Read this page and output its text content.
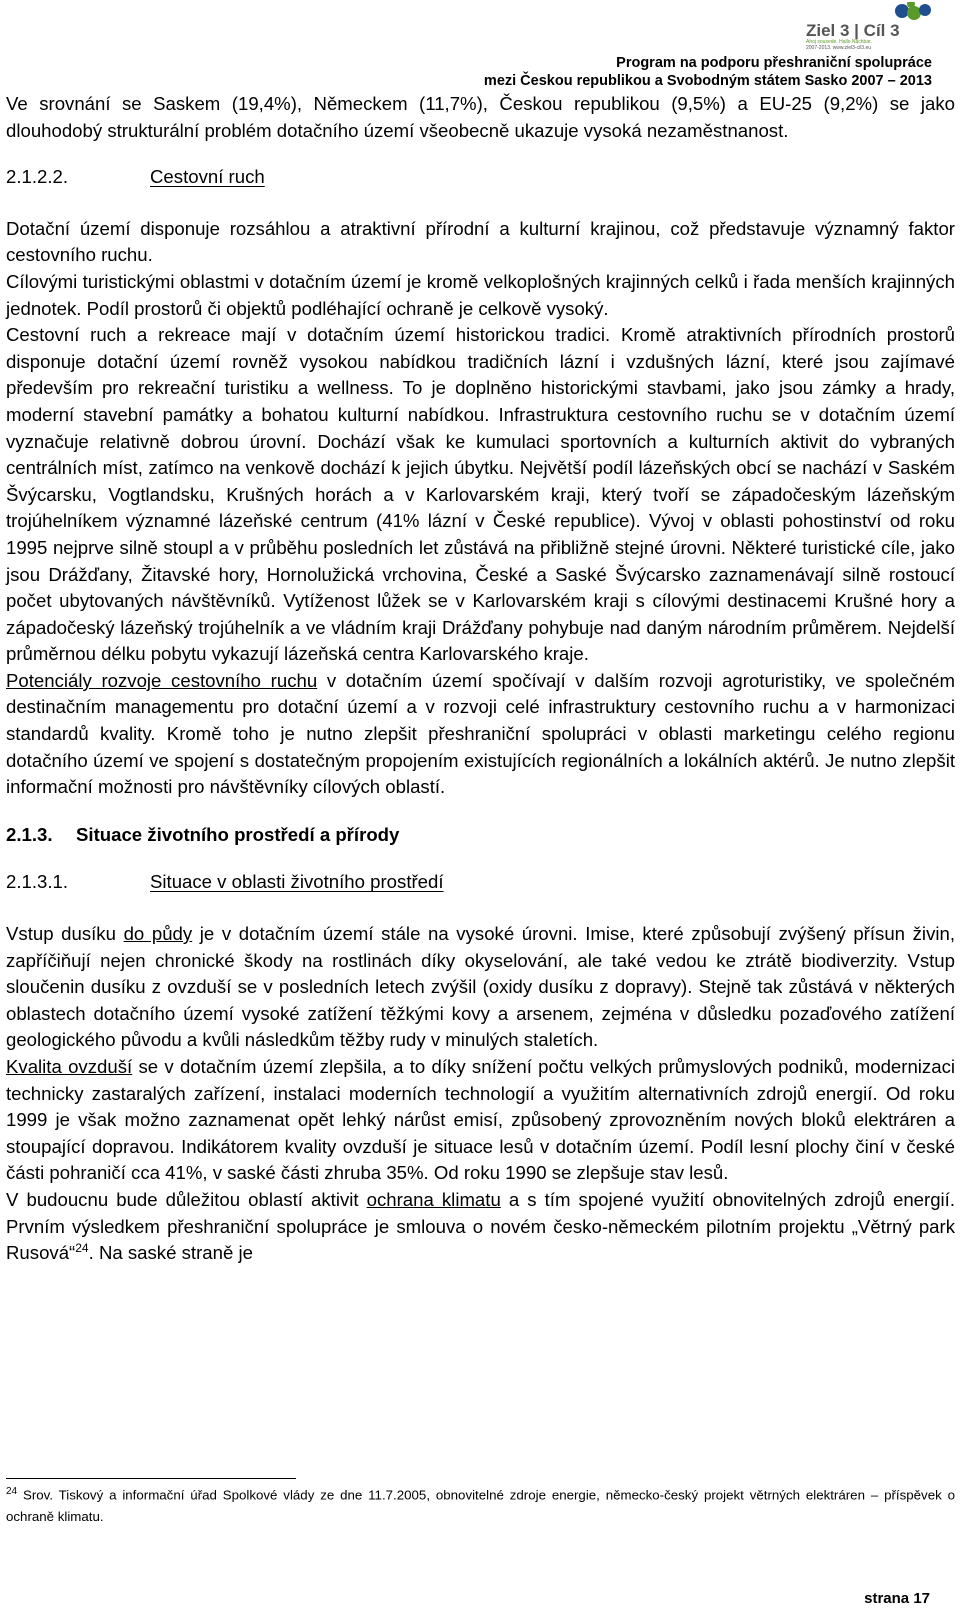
Ziel 3 | Cíl 3
Ahoj sousede. Hallo Nachbar.
2007-2013. www.ziel3-cil3.eu
Program na podporu přeshraniční spolupráce
mezi Českou republikou a Svobodným státem Sasko 2007 – 2013

Ve srovnání se Saskem (19,4%), Německem (11,7%), Českou republikou (9,5%) a EU-25 (9,2%) se jako dlouhodobý strukturální problém dotačního území všeobecně ukazuje vysoká nezaměstnanost.

2.1.2.2.	Cestovní ruch

Dotační území disponuje rozsáhlou a atraktivní přírodní a kulturní krajinou, což představuje významný faktor cestovního ruchu.

Cílovými turistickými oblastmi v dotačním území je kromě velkoplošných krajinných celků i řada menších krajinných jednotek. Podíl prostorů či objektů podléhající ochraně je celkově vysoký.

Cestovní ruch a rekreace mají v dotačním území historickou tradici. Kromě atraktivních přírodních prostorů disponuje dotační území rovněž vysokou nabídkou tradičních lázní i vzdušných lázní, které jsou zajímavé především pro rekreační turistiku a wellness. To je doplněno historickými stavbami, jako jsou zámky a hrady, moderní stavební památky a bohatou kulturní nabídkou. Infrastruktura cestovního ruchu se v dotačním území vyznačuje relativně dobrou úrovní. Dochází však ke kumulaci sportovních a kulturních aktivit do vybraných centrálních míst, zatímco na venkově dochází k jejich úbytku. Největší podíl lázeňských obcí se nachází v Saském Švýcarsku, Vogtlandsku, Krušných horách a v Karlovarském kraji, který tvoří se západočeským lázeňským trojúhelníkem významné lázeňské centrum (41% lázní v České republice). Vývoj v oblasti pohostinství od roku 1995 nejprve silně stoupl a v průběhu posledních let zůstává na přibližně stejné úrovni. Některé turistické cíle, jako jsou Drážďany, Žitavské hory, Hornolužická vrchovina, České a Saské Švýcarsko zaznamenávají silně rostoucí počet ubytovaných návštěvníků. Vytíženost lůžek se v Karlovarském kraji s cílovými destinacemi Krušné hory a západočeský lázeňský trojúhelník a ve vládním kraji Drážďany pohybuje nad daným národním průměrem. Nejdelší průměrnou délku pobytu vykazují lázeňská centra Karlovarského kraje.

Potenciály rozvoje cestovního ruchu v dotačním území spočívají v dalším rozvoji agroturistiky, ve společném destinačním managementu pro dotační území a v rozvoji celé infrastruktury cestovního ruchu a v harmonizaci standardů kvality. Kromě toho je nutno zlepšit přeshraniční spolupráci v oblasti marketingu celého regionu dotačního území ve spojení s dostatečným propojením existujících regionálních a lokálních aktérů. Je nutno zlepšit informační možnosti pro návštěvníky cílových oblastí.

2.1.3. Situace životního prostředí a přírody
2.1.3.1.	Situace v oblasti životního prostředí

Vstup dusíku do půdy je v dotačním území stále na vysoké úrovni. Imise, které způsobují zvýšený přísun živin, zapříčiňují nejen chronické škody na rostlinách díky okyselování, ale také vedou ke ztrátě biodiverzity. Vstup sloučenin dusíku z ovzduší se v posledních letech zvýšil (oxidy dusíku z dopravy). Stejně tak zůstává v některých oblastech dotačního území vysoké zatížení těžkými kovy a arsenem, zejména v důsledku pozaďového zatížení geologického původu a kvůli následkům těžby rudy v minulých staletích.

Kvalita ovzduší se v dotačním území zlepšila, a to díky snížení počtu velkých průmyslových podniků, modernizaci technicky zastaralých zařízení, instalaci moderních technologií a využitím alternativních zdrojů energií. Od roku 1999 je však možno zaznamenat opět lehký nárůst emisí, způsobený zprovozněním nových bloků elektráren a stoupající dopravou. Indikátorem kvality ovzduší je situace lesů v dotačním území. Podíl lesní plochy činí v české části pohraničí cca 41%, v saské části zhruba 35%. Od roku 1990 se zlepšuje stav lesů.

V budoucnu bude důležitou oblastí aktivit ochrana klimatu a s tím spojené využití obnovitelných zdrojů energií. Prvním výsledkem přeshraniční spolupráce je smlouva o novém česko-německém pilotním projektu „Větrný park Rusová“$^{24}$. Na saské straně je

$^{24}$ Srov. Tiskový a informační úřad Spolkové vlády ze dne 11.7.2005, obnovitelné zdroje energie, německo-český projekt větrných elektráren – příspěvek o ochraně klimatu.
strana 17
